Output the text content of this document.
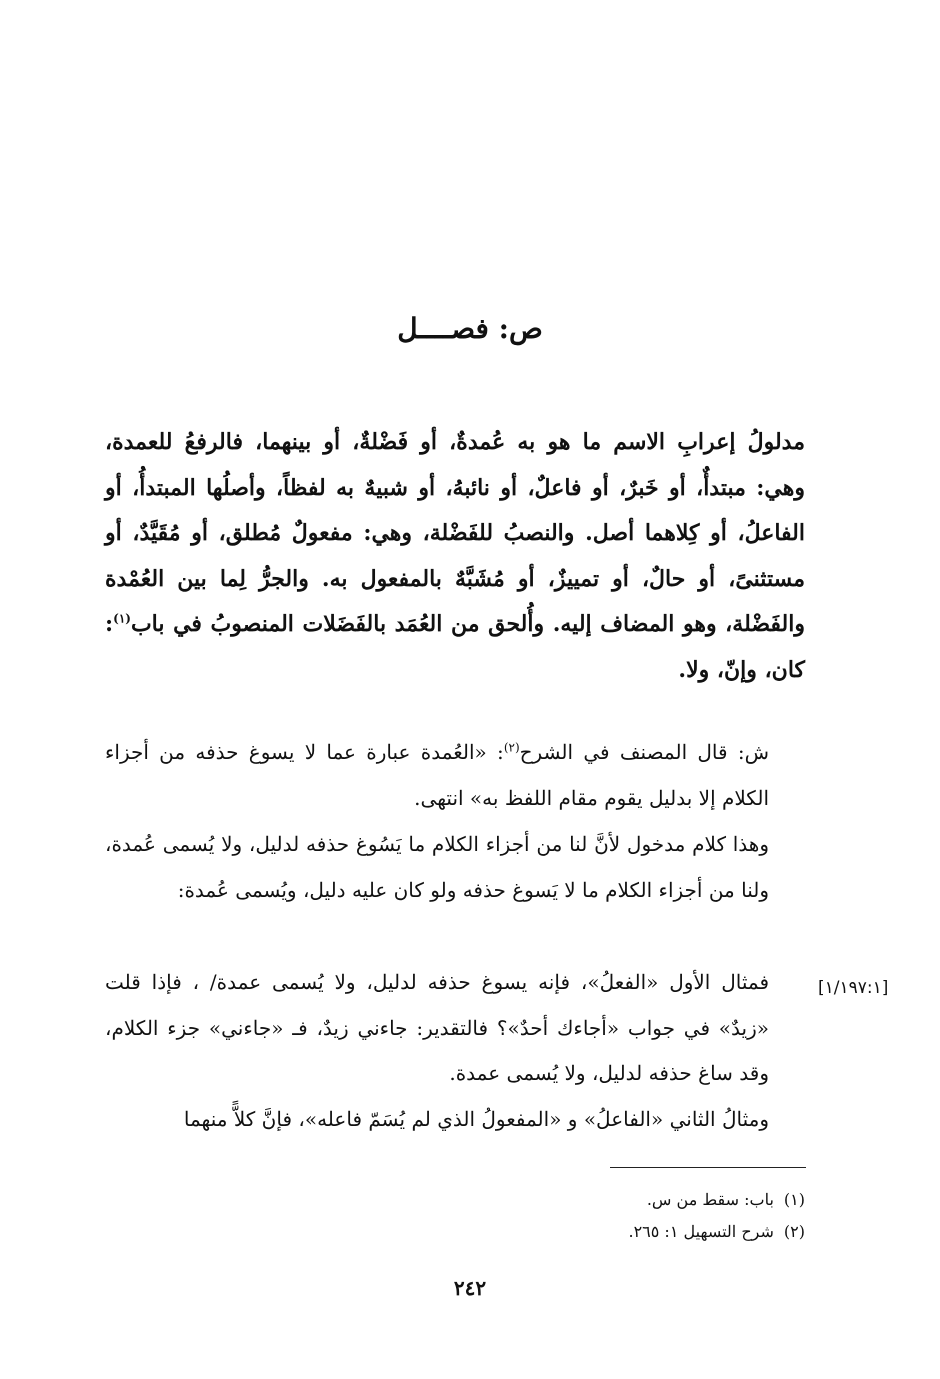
ص: فصــــل
مدلولُ إعرابِ الاسم ما هو به عُمدةٌ، أو فَضْلةٌ، أو بينهما، فالرفعُ للعمدة، وهي: مبتدأٌ، أو خَبرٌ، أو فاعلٌ، أو نائبهُ، أو شبيهٌ به لفظاً، وأصلُها المبتدأُ، أو الفاعلُ، أو كِلاهما أصل. والنصبُ للفَضْلة، وهي: مفعولٌ مُطلق، أو مُقَيَّدٌ، أو مستثنىً، أو حالٌ، أو تمييزٌ، أو مُشَبَّهٌ بالمفعول به. والجرُّ لِما بين العُمْدة والفَضْلة، وهو المضاف إليه. وأُلحق من العُمَد بالفَضَلات المنصوبُ في باب$^{(١)}$: كان، وإنّ، ولا.

ش: قال المصنف في الشرح$^{(٢)}$: «العُمدة عبارة عما لا يسوغ حذفه من أجزاء الكلام إلا بدليل يقوم مقام اللفظ به» انتهى.

وهذا كلام مدخول لأنَّ لنا من أجزاء الكلام ما يَسُوغ حذفه لدليل، ولا يُسمى عُمدة، ولنا من أجزاء الكلام ما لا يَسوغ حذفه ولو كان عليه دليل، ويُسمى عُمدة:

[١/١٩٧:١]

فمثال الأول «الفعلُ»، فإنه يسوغ حذفه لدليل، ولا يُسمى عمدة/ ، فإذا قلت «زيدٌ» في جواب «أجاءك أحدٌ»؟ فالتقدير: جاءني زيدٌ، فـ «جاءني» جزء الكلام، وقد ساغ حذفه لدليل، ولا يُسمى عمدة.

ومثالُ الثاني «الفاعلُ» و «المفعولُ الذي لم يُسَمّ فاعله»، فإنَّ كلاًّ منهما

(١)باب: سقط من س.
(٢)شرح التسهيل ١: ٢٦٥.
٢٤٢
